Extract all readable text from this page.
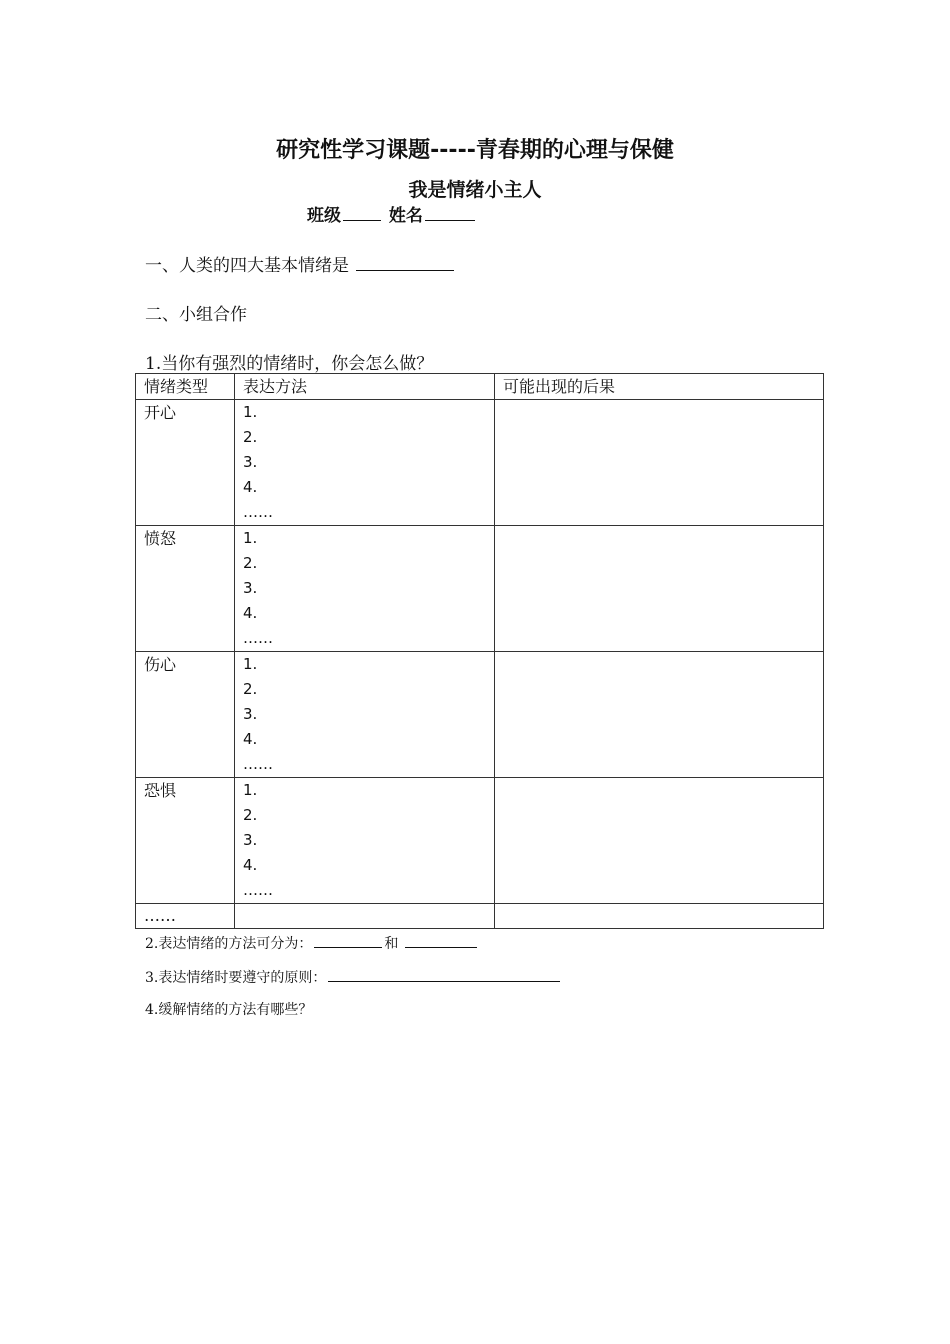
研究性学习课题-----青春期的心理与保健
我是情绪小主人
班级	姓名
一、人类的四大基本情绪是
二、小组合作
1.当你有强烈的情绪时，你会怎么做？
情绪类型	表达方法	可能出现的后果
开心	1.
2.
3.
4.
……	

愤怒	1.
2.
3.
4.
……	

伤心	1.
2.
3.
4.
……	

恐惧	1.
2.
3.
4.
……	

……		
2.表达情绪的方法可分为：	和
3.表达情绪时要遵守的原则：
4.缓解情绪的方法有哪些？
